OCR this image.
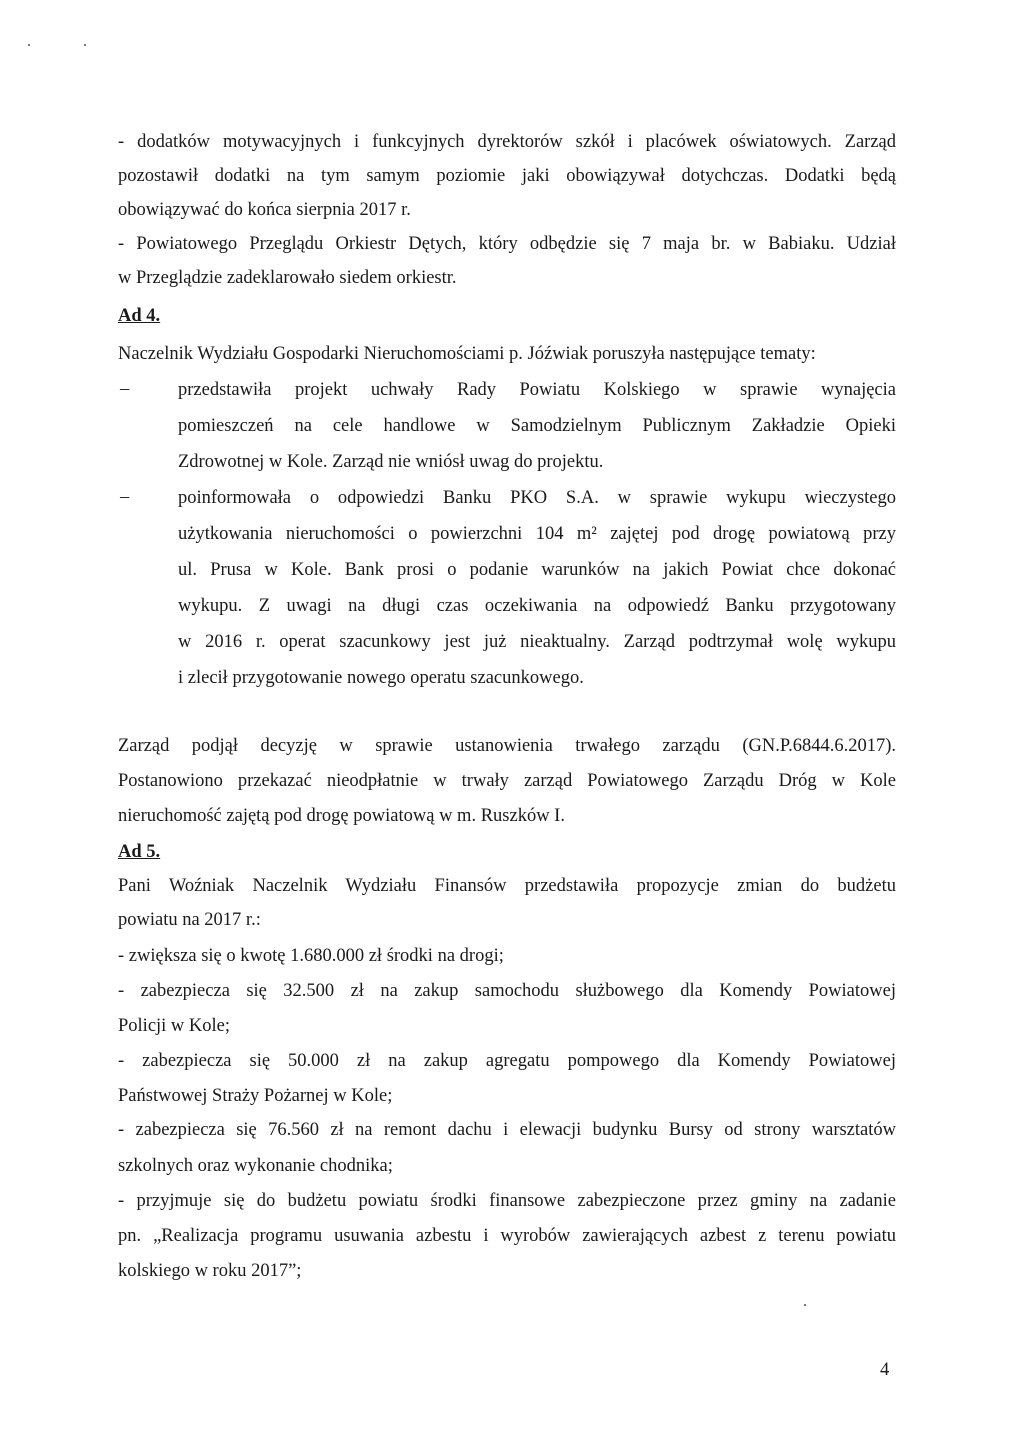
- dodatków motywacyjnych i funkcyjnych dyrektorów szkół i placówek oświatowych. Zarząd
pozostawił dodatki na tym samym poziomie jaki obowiązywał dotychczas. Dodatki będą
obowiązywać do końca sierpnia 2017 r.
- Powiatowego Przeglądu Orkiestr Dętych, który odbędzie się 7 maja br. w Babiaku. Udział
w Przeglądzie zadeklarowało siedem orkiestr.
Ad 4.
Naczelnik Wydziału Gospodarki Nieruchomościami p. Jóźwiak poruszyła następujące tematy:
–	przedstawiła projekt uchwały Rady Powiatu Kolskiego w sprawie wynajęcia
pomieszczeń na cele handlowe w Samodzielnym Publicznym Zakładzie Opieki
Zdrowotnej w Kole. Zarząd nie wniósł uwag do projektu.
–	poinformowała o odpowiedzi Banku PKO S.A. w sprawie wykupu wieczystego
użytkowania nieruchomości o powierzchni 104 m² zajętej pod drogę powiatową przy
ul. Prusa w Kole. Bank prosi o podanie warunków na jakich Powiat chce dokonać
wykupu. Z uwagi na długi czas oczekiwania na odpowiedź Banku przygotowany
w 2016 r. operat szacunkowy jest już nieaktualny. Zarząd podtrzymał wolę wykupu
i zlecił przygotowanie nowego operatu szacunkowego.
Zarząd podjął decyzję w sprawie ustanowienia trwałego zarządu (GN.P.6844.6.2017).
Postanowiono przekazać nieodpłatnie w trwały zarząd Powiatowego Zarządu Dróg w Kole
nieruchomość zajętą pod drogę powiatową w m. Ruszków I.
Ad 5.
Pani Woźniak Naczelnik Wydziału Finansów przedstawiła propozycje zmian do budżetu
powiatu na 2017 r.:
- zwiększa się o kwotę 1.680.000 zł środki na drogi;
- zabezpiecza się 32.500 zł na zakup samochodu służbowego dla Komendy Powiatowej
Policji w Kole;
- zabezpiecza się 50.000 zł na zakup agregatu pompowego dla Komendy Powiatowej
Państwowej Straży Pożarnej w Kole;
- zabezpiecza się 76.560 zł na remont dachu i elewacji budynku Bursy od strony warsztatów
szkolnych oraz wykonanie chodnika;
- przyjmuje się do budżetu powiatu środki finansowe zabezpieczone przez gminy na zadanie
pn. „Realizacja programu usuwania azbestu i wyrobów zawierających azbest z terenu powiatu
kolskiego w roku 2017”;
4
